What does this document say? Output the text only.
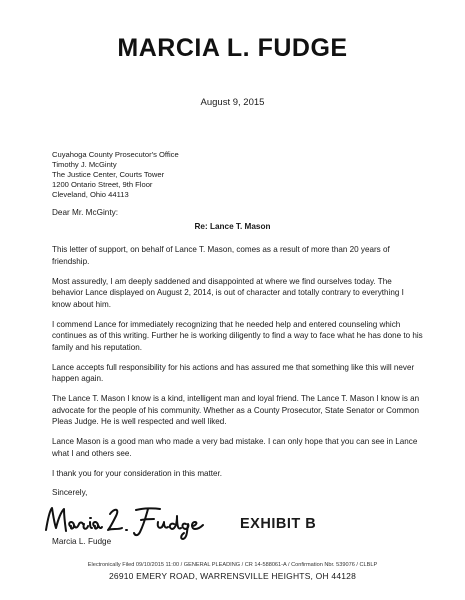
MARCIA L. FUDGE
August 9, 2015
Cuyahoga County Prosecutor's Office
Timothy J. McGinty
The Justice Center, Courts Tower
1200 Ontario Street, 9th Floor
Cleveland, Ohio 44113
Dear Mr. McGinty:
Re: Lance T. Mason

This letter of support, on behalf of Lance T. Mason, comes as a result of more than 20 years of friendship.

Most assuredly, I am deeply saddened and disappointed at where we find ourselves today. The behavior Lance displayed on August 2, 2014, is out of character and totally contrary to everything I know about him.

I commend Lance for immediately recognizing that he needed help and entered counseling which continues as of this writing. Further he is working diligently to find a way to face what he has done to his family and his reputation.

Lance accepts full responsibility for his actions and has assured me that something like this will never happen again.

The Lance T. Mason I know is a kind, intelligent man and loyal friend. The Lance T. Mason I know is an advocate for the people of his community. Whether as a County Prosecutor, State Senator or Common Pleas Judge. He is well respected and well liked.

Lance Mason is a good man who made a very bad mistake. I can only hope that you can see in Lance what I and others see.

I thank you for your consideration in this matter.

Sincerely,
Marcia L. Fudge
EXHIBIT B
Electronically Filed 09/10/2015 11:00 / GENERAL PLEADING / CR 14-588061-A / Confirmation Nbr. 539076 / CLBLP
26910 EMERY ROAD, WARRENSVILLE HEIGHTS, OH 44128
